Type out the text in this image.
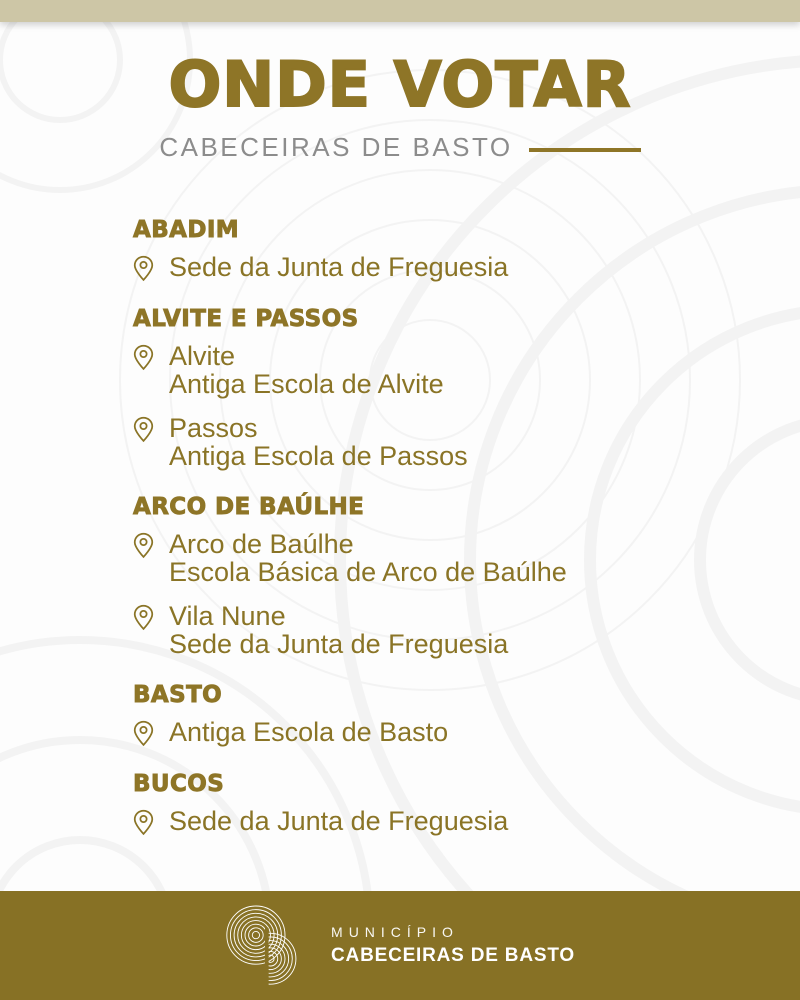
ONDE VOTAR
CABECEIRAS DE BASTO
ABADIM
Sede da Junta de Freguesia
ALVITE E PASSOS
Alvite
Antiga Escola de Alvite
Passos
Antiga Escola de Passos
ARCO DE BAÚLHE
Arco de Baúlhe
Escola Básica de Arco de Baúlhe
Vila Nune
Sede da Junta de Freguesia
BASTO
Antiga Escola de Basto
BUCOS
Sede da Junta de Freguesia
MUNICÍPIO
CABECEIRAS DE BASTO
